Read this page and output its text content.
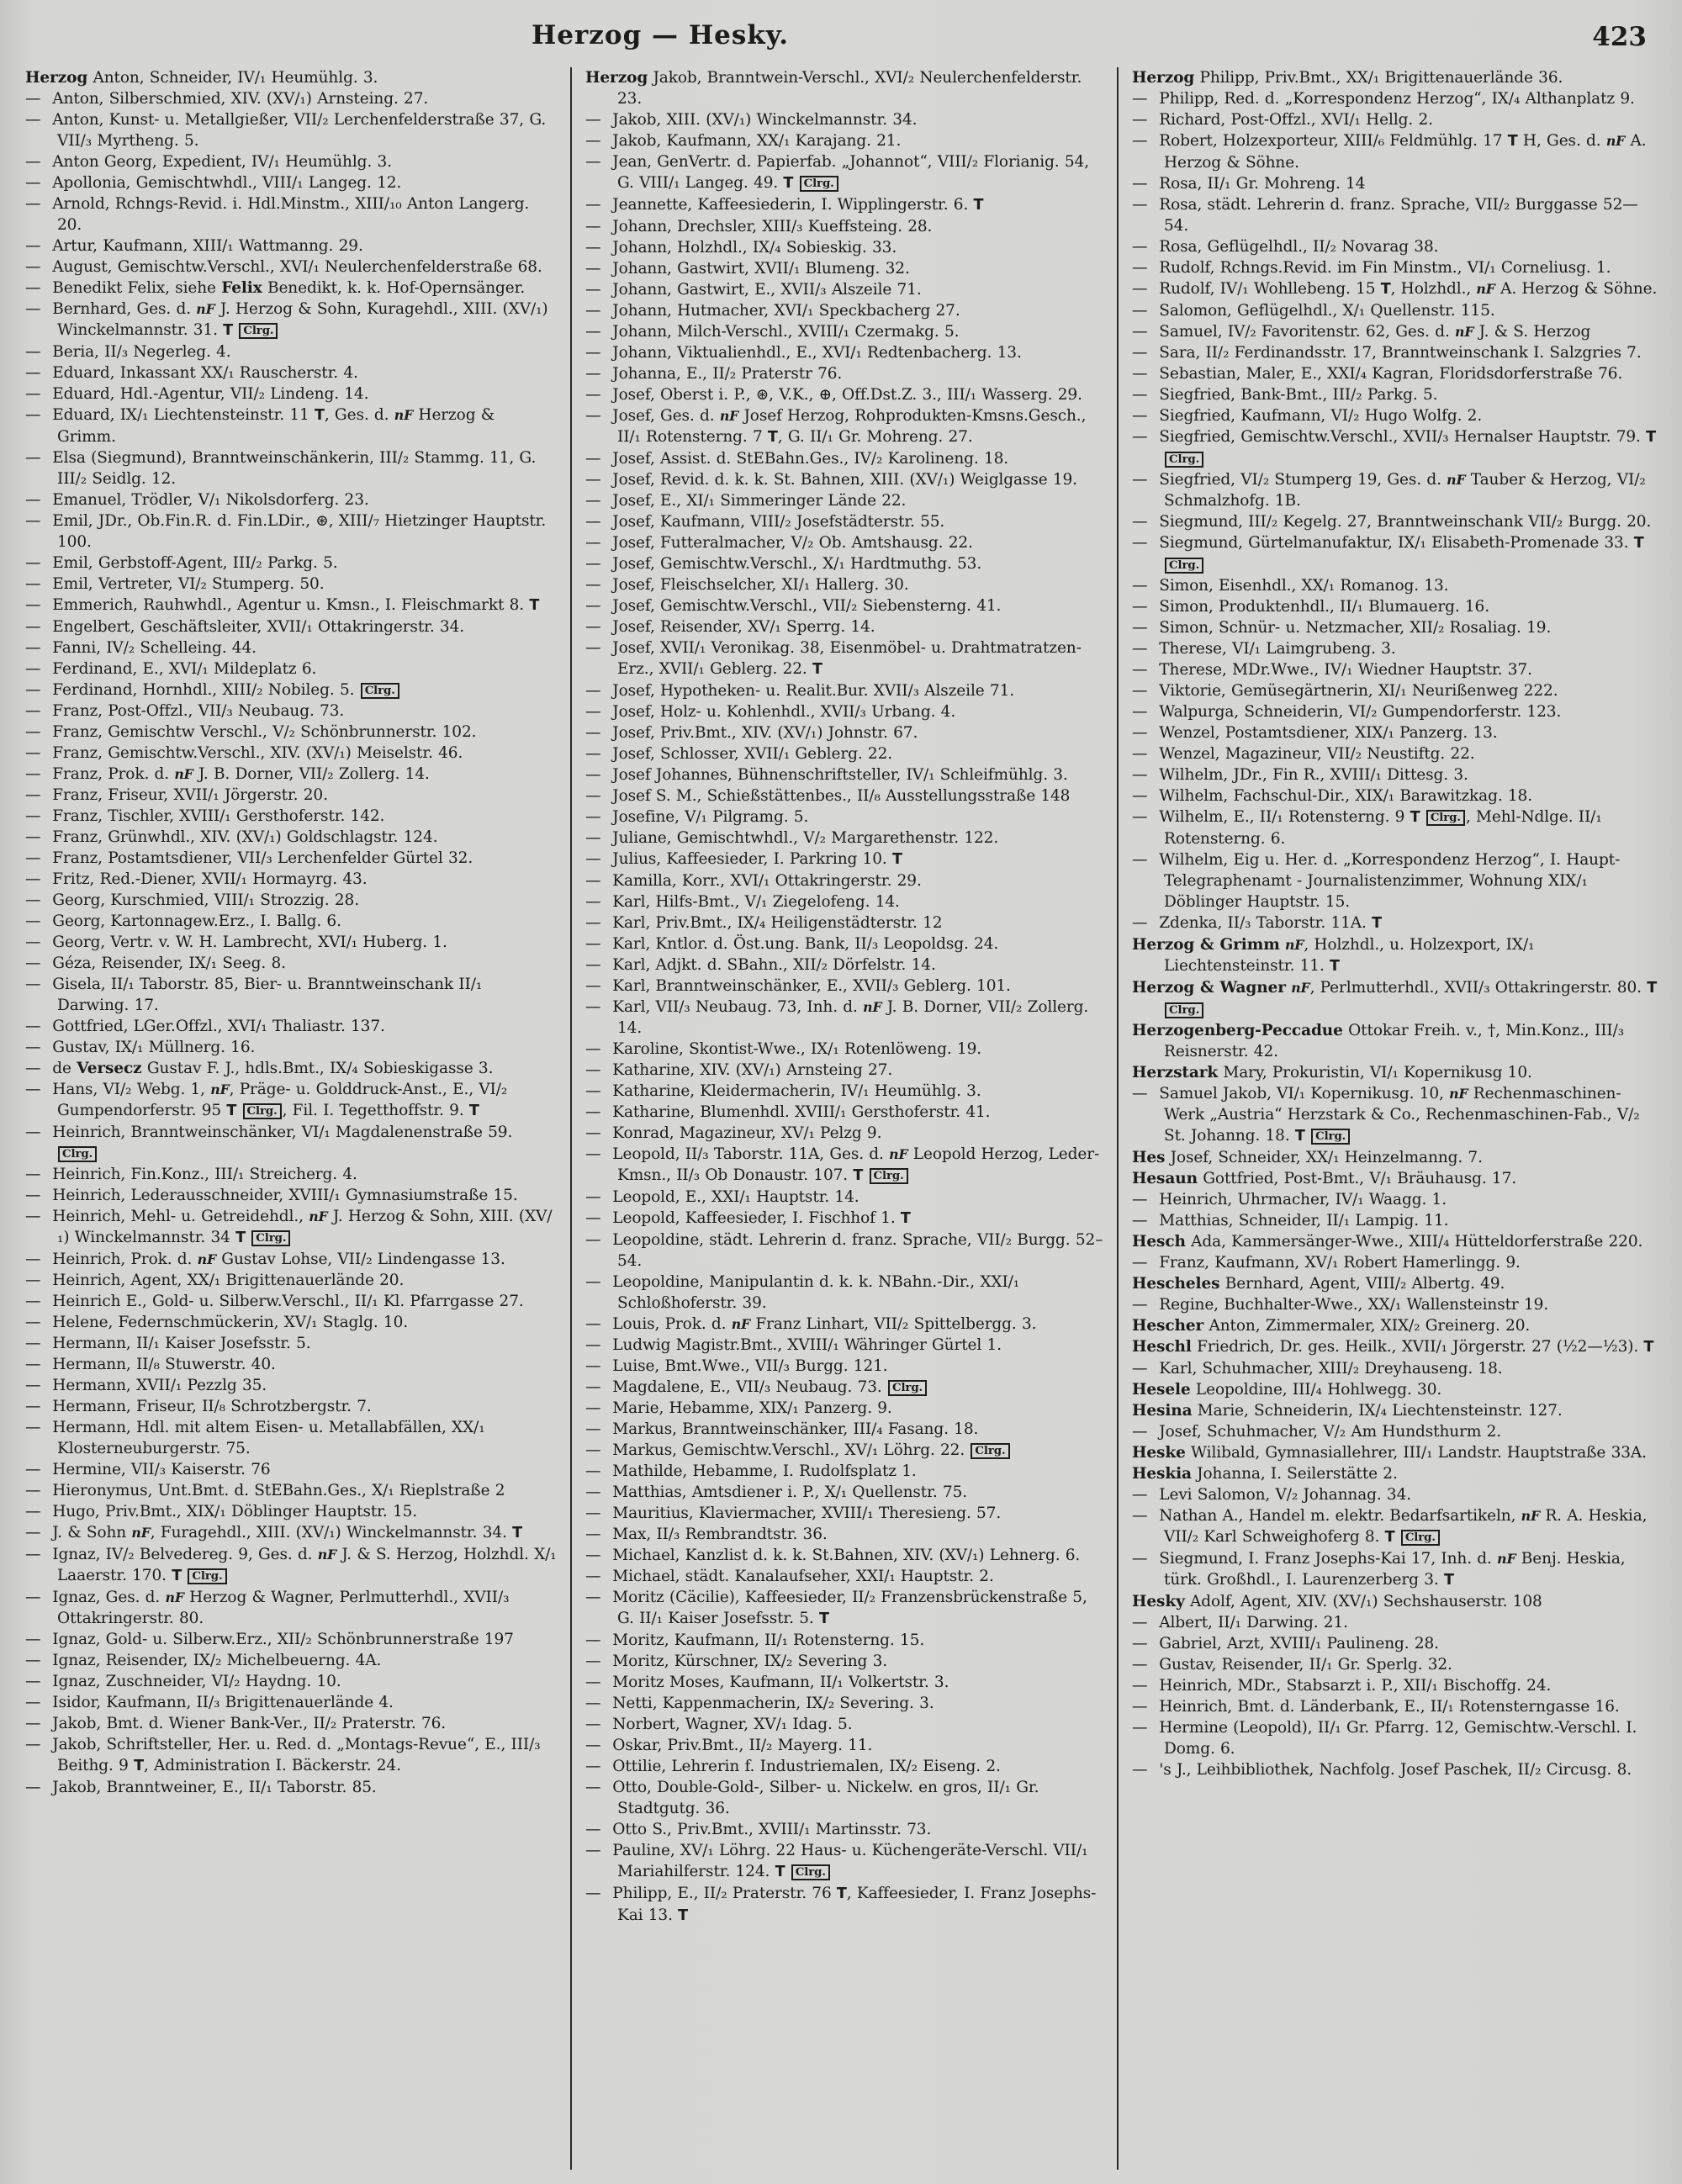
Herzog — Hesky.	423

Herzog Anton, Schneider, IV/₁ Heumühlg. 3.

— Anton, Silberschmied, XIV. (XV/₁) Arnsteing. 27.

— Anton, Kunst- u. Metallgießer, VII/₂ Lerchenfelderstraße 37, G. VII/₃ Myrtheng. 5.

— Anton Georg, Expedient, IV/₁ Heumühlg. 3.

— Apollonia, Gemischtwhdl., VIII/₁ Langeg. 12.

— Arnold, Rchngs-Revid. i. Hdl.Minstm., XIII/₁₀ Anton Langerg. 20.

— Artur, Kaufmann, XIII/₁ Wattmanng. 29.

— August, Gemischtw.Verschl., XVI/₁ Neulerchenfelderstraße 68.

— Benedikt Felix, siehe Felix Benedikt, k. k. Hof-Opernsänger.

— Bernhard, Ges. d. nF J. Herzog & Sohn, Kuragehdl., XIII. (XV/₁) Winckelmannstr. 31. T Clrg.

— Beria, II/₃ Negerleg. 4.

— Eduard, Inkassant XX/₁ Rauscherstr. 4.

— Eduard, Hdl.-Agentur, VII/₂ Lindeng. 14.

— Eduard, IX/₁ Liechtensteinstr. 11 T, Ges. d. nF Herzog & Grimm.

— Elsa (Siegmund), Branntweinschänkerin, III/₂ Stammg. 11, G. III/₂ Seidlg. 12.

— Emanuel, Trödler, V/₁ Nikolsdorferg. 23.

— Emil, JDr., Ob.Fin.R. d. Fin.LDir., ⊛, XIII/₇ Hietzinger Hauptstr. 100.

— Emil, Gerbstoff-Agent, III/₂ Parkg. 5.

— Emil, Vertreter, VI/₂ Stumperg. 50.

— Emmerich, Rauhwhdl., Agentur u. Kmsn., I. Fleischmarkt 8. T

— Engelbert, Geschäftsleiter, XVII/₁ Ottakringerstr. 34.

— Fanni, IV/₂ Schelleing. 44.

— Ferdinand, E., XVI/₁ Mildeplatz 6.

— Ferdinand, Hornhdl., XIII/₂ Nobileg. 5. Clrg.

— Franz, Post-Offzl., VII/₃ Neubaug. 73.

— Franz, Gemischtw Verschl., V/₂ Schönbrunnerstr. 102.

— Franz, Gemischtw.Verschl., XIV. (XV/₁) Meiselstr. 46.

— Franz, Prok. d. nF J. B. Dorner, VII/₂ Zollerg. 14.

— Franz, Friseur, XVII/₁ Jörgerstr. 20.

— Franz, Tischler, XVIII/₁ Gersthoferstr. 142.

— Franz, Grünwhdl., XIV. (XV/₁) Goldschlagstr. 124.

— Franz, Postamtsdiener, VII/₃ Lerchenfelder Gürtel 32.

— Fritz, Red.-Diener, XVII/₁ Hormayrg. 43.

— Georg, Kurschmied, VIII/₁ Strozzig. 28.

— Georg, Kartonnagew.Erz., I. Ballg. 6.

— Georg, Vertr. v. W. H. Lambrecht, XVI/₁ Huberg. 1.

— Géza, Reisender, IX/₁ Seeg. 8.

— Gisela, II/₁ Taborstr. 85, Bier- u. Branntweinschank II/₁ Darwing. 17.

— Gottfried, LGer.Offzl., XVI/₁ Thaliastr. 137.

— Gustav, IX/₁ Müllnerg. 16.

— de Versecz Gustav F. J., hdls.Bmt., IX/₄ Sobieskigasse 3.

— Hans, VI/₂ Webg. 1, nF, Präge- u. Golddruck-Anst., E., VI/₂ Gumpendorferstr. 95 T Clrg. , Fil. I. Tegetthoffstr. 9. T

— Heinrich, Branntweinschänker, VI/₁ Magdalenenstraße 59. Clrg.

— Heinrich, Fin.Konz., III/₁ Streicherg. 4.

— Heinrich, Lederausschneider, XVIII/₁ Gymnasiumstraße 15.

— Heinrich, Mehl- u. Getreidehdl., nF J. Herzog & Sohn, XIII. (XV/₁) Winckelmannstr. 34 T Clrg.

— Heinrich, Prok. d. nF Gustav Lohse, VII/₂ Lindengasse 13.

— Heinrich, Agent, XX/₁ Brigittenauerlände 20.

— Heinrich E., Gold- u. Silberw.Verschl., II/₁ Kl. Pfarrgasse 27.

— Helene, Federnschmückerin, XV/₁ Staglg. 10.

— Hermann, II/₁ Kaiser Josefsstr. 5.

— Hermann, II/₈ Stuwerstr. 40.

— Hermann, XVII/₁ Pezzlg 35.

— Hermann, Friseur, II/₈ Schrotzbergstr. 7.

— Hermann, Hdl. mit altem Eisen- u. Metallabfällen, XX/₁ Klosterneuburgerstr. 75.

— Hermine, VII/₃ Kaiserstr. 76

— Hieronymus, Unt.Bmt. d. StEBahn.Ges., X/₁ Rieplstraße 2

— Hugo, Priv.Bmt., XIX/₁ Döblinger Hauptstr. 15.

— J. & Sohn nF, Furagehdl., XIII. (XV/₁) Winckelmannstr. 34. T

— Ignaz, IV/₂ Belvedereg. 9, Ges. d. nF J. & S. Herzog, Holzhdl. X/₁ Laaerstr. 170. T Clrg.

— Ignaz, Ges. d. nF Herzog & Wagner, Perlmutterhdl., XVII/₃ Ottakringerstr. 80.

— Ignaz, Gold- u. Silberw.Erz., XII/₂ Schönbrunnerstraße 197

— Ignaz, Reisender, IX/₂ Michelbeuerng. 4A.

— Ignaz, Zuschneider, VI/₂ Haydng. 10.

— Isidor, Kaufmann, II/₃ Brigittenauerlände 4.

— Jakob, Bmt. d. Wiener Bank-Ver., II/₂ Praterstr. 76.

— Jakob, Schriftsteller, Her. u. Red. d. „Montags-Revue“, E., III/₃ Beithg. 9 T, Administration I. Bäckerstr. 24.

— Jakob, Branntweiner, E., II/₁ Taborstr. 85.

Herzog Jakob, Branntwein-Verschl., XVI/₂ Neulerchenfelderstr. 23.

— Jakob, XIII. (XV/₁) Winckelmannstr. 34.

— Jakob, Kaufmann, XX/₁ Karajang. 21.

— Jean, GenVertr. d. Papierfab. „Johannot“, VIII/₂ Florianig. 54, G. VIII/₁ Langeg. 49. T Clrg.

— Jeannette, Kaffeesiederin, I. Wipplingerstr. 6. T

— Johann, Drechsler, XIII/₃ Kueffsteing. 28.

— Johann, Holzhdl., IX/₄ Sobieskig. 33.

— Johann, Gastwirt, XVII/₁ Blumeng. 32.

— Johann, Gastwirt, E., XVII/₃ Alszeile 71.

— Johann, Hutmacher, XVI/₁ Speckbacherg 27.

— Johann, Milch-Verschl., XVIII/₁ Czermakg. 5.

— Johann, Viktualienhdl., E., XVI/₁ Redtenbacherg. 13.

— Johanna, E., II/₂ Praterstr 76.

— Josef, Oberst i. P., ⊛, V.K., ⊕, Off.Dst.Z. 3., III/₁ Wasserg. 29.

— Josef, Ges. d. nF Josef Herzog, Rohprodukten-Kmsns.Gesch., II/₁ Rotensterng. 7 T, G. II/₁ Gr. Mohreng. 27.

— Josef, Assist. d. StEBahn.Ges., IV/₂ Karolineng. 18.

— Josef, Revid. d. k. k. St. Bahnen, XIII. (XV/₁) Weiglgasse 19.

— Josef, E., XI/₁ Simmeringer Lände 22.

— Josef, Kaufmann, VIII/₂ Josefstädterstr. 55.

— Josef, Futteralmacher, V/₂ Ob. Amtshausg. 22.

— Josef, Gemischtw.Verschl., X/₁ Hardtmuthg. 53.

— Josef, Fleischselcher, XI/₁ Hallerg. 30.

— Josef, Gemischtw.Verschl., VII/₂ Siebensterng. 41.

— Josef, Reisender, XV/₁ Sperrg. 14.

— Josef, XVII/₁ Veronikag. 38, Eisenmöbel- u. Drahtmatratzen-Erz., XVII/₁ Geblerg. 22. T

— Josef, Hypotheken- u. Realit.Bur. XVII/₃ Alszeile 71.

— Josef, Holz- u. Kohlenhdl., XVII/₃ Urbang. 4.

— Josef, Priv.Bmt., XIV. (XV/₁) Johnstr. 67.

— Josef, Schlosser, XVII/₁ Geblerg. 22.

— Josef Johannes, Bühnenschriftsteller, IV/₁ Schleifmühlg. 3.

— Josef S. M., Schießstättenbes., II/₈ Ausstellungsstraße 148

— Josefine, V/₁ Pilgramg. 5.

— Juliane, Gemischtwhdl., V/₂ Margarethenstr. 122.

— Julius, Kaffeesieder, I. Parkring 10. T

— Kamilla, Korr., XVI/₁ Ottakringerstr. 29.

— Karl, Hilfs-Bmt., V/₁ Ziegelofeng. 14.

— Karl, Priv.Bmt., IX/₄ Heiligenstädterstr. 12

— Karl, Kntlor. d. Öst.ung. Bank, II/₃ Leopoldsg. 24.

— Karl, Adjkt. d. SBahn., XII/₂ Dörfelstr. 14.

— Karl, Branntweinschänker, E., XVII/₃ Geblerg. 101.

— Karl, VII/₃ Neubaug. 73, Inh. d. nF J. B. Dorner, VII/₂ Zollerg. 14.

— Karoline, Skontist-Wwe., IX/₁ Rotenlöweng. 19.

— Katharine, XIV. (XV/₁) Arnsteing 27.

— Katharine, Kleidermacherin, IV/₁ Heumühlg. 3.

— Katharine, Blumenhdl. XVIII/₁ Gersthoferstr. 41.

— Konrad, Magazineur, XV/₁ Pelzg 9.

— Leopold, II/₃ Taborstr. 11A, Ges. d. nF Leopold Herzog, Leder-Kmsn., II/₃ Ob Donaustr. 107. T Clrg.

— Leopold, E., XXI/₁ Hauptstr. 14.

— Leopold, Kaffeesieder, I. Fischhof 1. T

— Leopoldine, städt. Lehrerin d. franz. Sprache, VII/₂ Burgg. 52–54.

— Leopoldine, Manipulantin d. k. k. NBahn.-Dir., XXI/₁ Schloßhoferstr. 39.

— Louis, Prok. d. nF Franz Linhart, VII/₂ Spittelbergg. 3.

— Ludwig Magistr.Bmt., XVIII/₁ Währinger Gürtel 1.

— Luise, Bmt.Wwe., VII/₃ Burgg. 121.

— Magdalene, E., VII/₃ Neubaug. 73. Clrg.

— Marie, Hebamme, XIX/₁ Panzerg. 9.

— Markus, Branntweinschänker, III/₄ Fasang. 18.

— Markus, Gemischtw.Verschl., XV/₁ Löhrg. 22. Clrg.

— Mathilde, Hebamme, I. Rudolfsplatz 1.

— Matthias, Amtsdiener i. P., X/₁ Quellenstr. 75.

— Mauritius, Klaviermacher, XVIII/₁ Theresieng. 57.

— Max, II/₃ Rembrandtstr. 36.

— Michael, Kanzlist d. k. k. St.Bahnen, XIV. (XV/₁) Lehnerg. 6.

— Michael, städt. Kanalaufseher, XXI/₁ Hauptstr. 2.

— Moritz (Cäcilie), Kaffeesieder, II/₂ Franzensbrückenstraße 5, G. II/₁ Kaiser Josefsstr. 5. T

— Moritz, Kaufmann, II/₁ Rotensterng. 15.

— Moritz, Kürschner, IX/₂ Severing 3.

— Moritz Moses, Kaufmann, II/₁ Volkertstr. 3.

— Netti, Kappenmacherin, IX/₂ Severing. 3.

— Norbert, Wagner, XV/₁ Idag. 5.

— Oskar, Priv.Bmt., II/₂ Mayerg. 11.

— Ottilie, Lehrerin f. Industriemalen, IX/₂ Eiseng. 2.

— Otto, Double-Gold-, Silber- u. Nickelw. en gros, II/₁ Gr. Stadtgutg. 36.

— Otto S., Priv.Bmt., XVIII/₁ Martinsstr. 73.

— Pauline, XV/₁ Löhrg. 22 Haus- u. Küchengeräte-Verschl. VII/₁ Mariahilferstr. 124. T Clrg.

— Philipp, E., II/₂ Praterstr. 76 T, Kaffeesieder, I. Franz Josephs-Kai 13. T

Herzog Philipp, Priv.Bmt., XX/₁ Brigittenauerlände 36.

— Philipp, Red. d. „Korrespondenz Herzog“, IX/₄ Althanplatz 9.

— Richard, Post-Offzl., XVI/₁ Hellg. 2.

— Robert, Holzexporteur, XIII/₆ Feldmühlg. 17 T H, Ges. d. nF A. Herzog & Söhne.

— Rosa, II/₁ Gr. Mohreng. 14

— Rosa, städt. Lehrerin d. franz. Sprache, VII/₂ Burggasse 52—54.

— Rosa, Geflügelhdl., II/₂ Novarag 38.

— Rudolf, Rchngs.Revid. im Fin Minstm., VI/₁ Corneliusg. 1.

— Rudolf, IV/₁ Wohllebeng. 15 T, Holzhdl., nF A. Herzog & Söhne.

— Salomon, Geflügelhdl., X/₁ Quellenstr. 115.

— Samuel, IV/₂ Favoritenstr. 62, Ges. d. nF J. & S. Herzog

— Sara, II/₂ Ferdinandsstr. 17, Branntweinschank I. Salzgries 7.

— Sebastian, Maler, E., XXI/₄ Kagran, Floridsdorferstraße 76.

— Siegfried, Bank-Bmt., III/₂ Parkg. 5.

— Siegfried, Kaufmann, VI/₂ Hugo Wolfg. 2.

— Siegfried, Gemischtw.Verschl., XVII/₃ Hernalser Hauptstr. 79. T Clrg.

— Siegfried, VI/₂ Stumperg 19, Ges. d. nF Tauber & Herzog, VI/₂ Schmalzhofg. 1B.

— Siegmund, III/₂ Kegelg. 27, Branntweinschank VII/₂ Burgg. 20.

— Siegmund, Gürtelmanufaktur, IX/₁ Elisabeth-Promenade 33. T Clrg.

— Simon, Eisenhdl., XX/₁ Romanog. 13.

— Simon, Produktenhdl., II/₁ Blumauerg. 16.

— Simon, Schnür- u. Netzmacher, XII/₂ Rosaliag. 19.

— Therese, VI/₁ Laimgrubeng. 3.

— Therese, MDr.Wwe., IV/₁ Wiedner Hauptstr. 37.

— Viktorie, Gemüsegärtnerin, XI/₁ Neurißenweg 222.

— Walpurga, Schneiderin, VI/₂ Gumpendorferstr. 123.

— Wenzel, Postamtsdiener, XIX/₁ Panzerg. 13.

— Wenzel, Magazineur, VII/₂ Neustiftg. 22.

— Wilhelm, JDr., Fin R., XVIII/₁ Dittesg. 3.

— Wilhelm, Fachschul-Dir., XIX/₁ Barawitzkag. 18.

— Wilhelm, E., II/₁ Rotensterng. 9 T Clrg. , Mehl-Ndlge. II/₁ Rotensterng. 6.

— Wilhelm, Eig u. Her. d. „Korrespondenz Herzog“, I. Haupt- Telegraphenamt - Journalistenzimmer, Wohnung XIX/₁ Döblinger Hauptstr. 15.

— Zdenka, II/₃ Taborstr. 11A. T

Herzog & Grimm nF, Holzhdl., u. Holzexport, IX/₁ Liechtensteinstr. 11. T

Herzog & Wagner nF, Perlmutterhdl., XVII/₃ Ottakringerstr. 80. T Clrg.

Herzogenberg-Peccadue Ottokar Freih. v., †, Min.Konz., III/₃ Reisnerstr. 42.

Herzstark Mary, Prokuristin, VI/₁ Kopernikusg 10.

— Samuel Jakob, VI/₁ Kopernikusg. 10, nF Rechenmaschinen-Werk „Austria“ Herzstark & Co., Rechenmaschinen-Fab., V/₂ St. Johanng. 18. T Clrg.

Hes Josef, Schneider, XX/₁ Heinzelmanng. 7.

Hesaun Gottfried, Post-Bmt., V/₁ Bräuhausg. 17.

— Heinrich, Uhrmacher, IV/₁ Waagg. 1.

— Matthias, Schneider, II/₁ Lampig. 11.

Hesch Ada, Kammersänger-Wwe., XIII/₄ Hütteldorferstraße 220.

— Franz, Kaufmann, XV/₁ Robert Hamerlingg. 9.

Hescheles Bernhard, Agent, VIII/₂ Albertg. 49.

— Regine, Buchhalter-Wwe., XX/₁ Wallensteinstr 19.

Hescher Anton, Zimmermaler, XIX/₂ Greinerg. 20.

Heschl Friedrich, Dr. ges. Heilk., XVII/₁ Jörgerstr. 27 (½2—½3). T

— Karl, Schuhmacher, XIII/₂ Dreyhauseng. 18.

Hesele Leopoldine, III/₄ Hohlwegg. 30.

Hesina Marie, Schneiderin, IX/₄ Liechtensteinstr. 127.

— Josef, Schuhmacher, V/₂ Am Hundsthurm 2.

Heske Wilibald, Gymnasiallehrer, III/₁ Landstr. Hauptstraße 33A.

Heskia Johanna, I. Seilerstätte 2.

— Levi Salomon, V/₂ Johannag. 34.

— Nathan A., Handel m. elektr. Bedarfsartikeln, nF R. A. Heskia, VII/₂ Karl Schweighoferg 8. T Clrg.

— Siegmund, I. Franz Josephs-Kai 17, Inh. d. nF Benj. Heskia, türk. Großhdl., I. Laurenzerberg 3. T

Hesky Adolf, Agent, XIV. (XV/₁) Sechshauserstr. 108

— Albert, II/₁ Darwing. 21.

— Gabriel, Arzt, XVIII/₁ Paulineng. 28.

— Gustav, Reisender, II/₁ Gr. Sperlg. 32.

— Heinrich, MDr., Stabsarzt i. P., XII/₁ Bischoffg. 24.

— Heinrich, Bmt. d. Länderbank, E., II/₁ Rotensterngasse 16.

— Hermine (Leopold), II/₁ Gr. Pfarrg. 12, Gemischtw.-Verschl. I. Domg. 6.

— 's J., Leihbibliothek, Nachfolg. Josef Paschek, II/₂ Circusg. 8.
